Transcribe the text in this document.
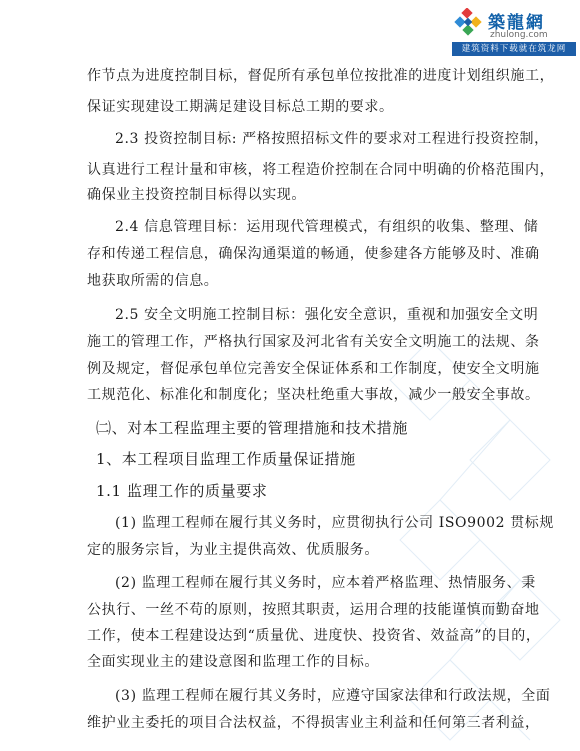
築龍網
zhulong.com
建筑资料下载就在筑龙网
作节点为进度控制目标，督促所有承包单位按批准的进度计划组织施工，
保证实现建设工期满足建设目标总工期的要求。
2.3 投资控制目标: 严格按照招标文件的要求对工程进行投资控制，
认真进行工程计量和审核，将工程造价控制在合同中明确的价格范围内，
确保业主投资控制目标得以实现。
2.4 信息管理目标：运用现代管理模式，有组织的收集、整理、储
存和传递工程信息，确保沟通渠道的畅通，使参建各方能够及时、准确
地获取所需的信息。
2.5 安全文明施工控制目标：强化安全意识，重视和加强安全文明
施工的管理工作，严格执行国家及河北省有关安全文明施工的法规、条
例及规定，督促承包单位完善安全保证体系和工作制度，使安全文明施
工规范化、标准化和制度化；坚决杜绝重大事故，减少一般安全事故。
㈡、对本工程监理主要的管理措施和技术措施
1、本工程项目监理工作质量保证措施
1.1 监理工作的质量要求
(1) 监理工程师在履行其义务时，应贯彻执行公司 ISO9002 贯标规
定的服务宗旨，为业主提供高效、优质服务。
(2) 监理工程师在履行其义务时，应本着严格监理、热情服务、秉
公执行、一丝不苟的原则，按照其职责，运用合理的技能谨慎而勤奋地
工作，使本工程建设达到“质量优、进度快、投资省、效益高”的目的，
全面实现业主的建设意图和监理工作的目标。
(3) 监理工程师在履行其义务时，应遵守国家法律和行政法规，全面
维护业主委托的项目合法权益，不得损害业主利益和任何第三者利益，
